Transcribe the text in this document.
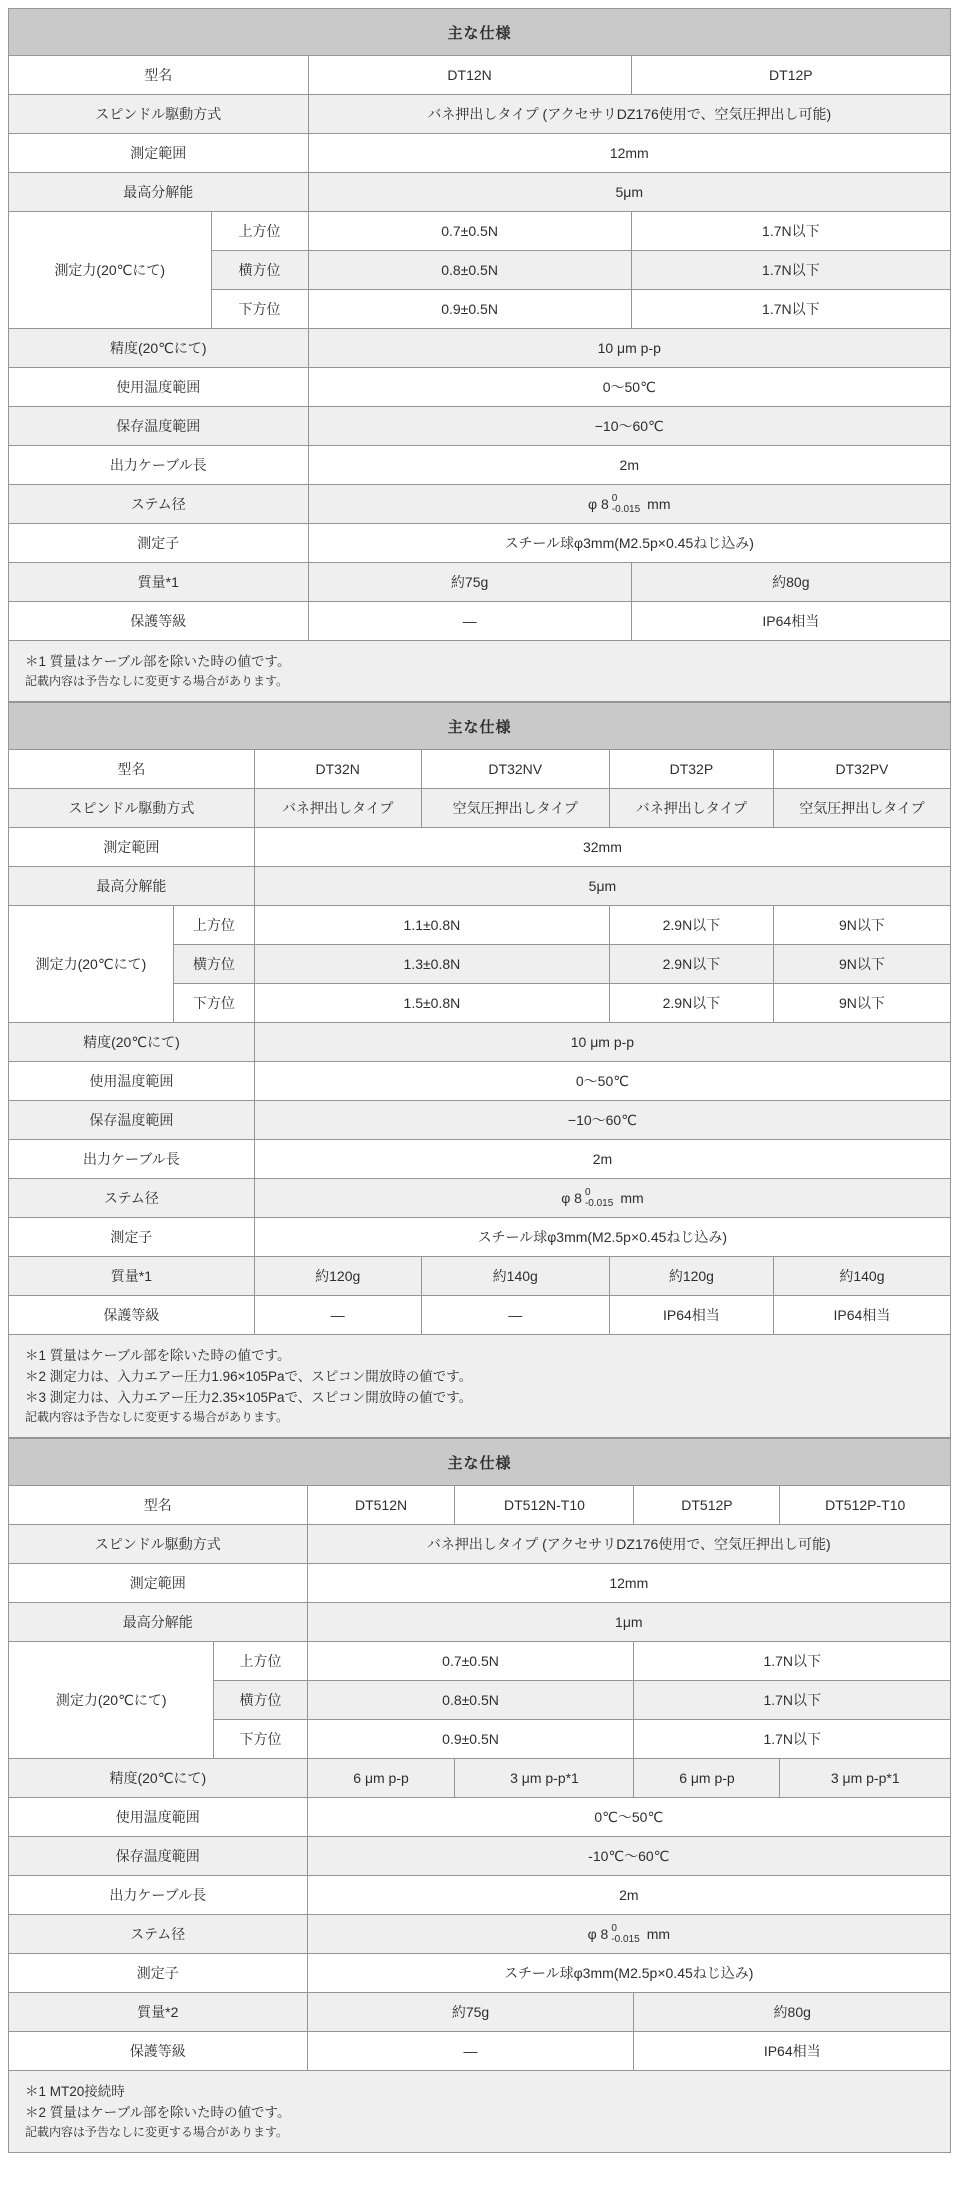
主な仕様			
型名		DT12N	DT12P
スピンドル駆動方式		バネ押出しタイプ (アクセサリDZ176使用で、空気圧押出し可能)	
測定範囲		12mm	
最高分解能		5μm	
測定力(20℃にて)	上方位	0.7±0.5N	1.7N以下
	横方位	0.8±0.5N	1.7N以下
	下方位	0.9±0.5N	1.7N以下
精度(20℃にて)		10 μm p-p	
使用温度範囲		0〜50℃	
保存温度範囲		−10〜60℃	
出力ケーブル長		2m	
ステム径		φ 8 0
-0.015 mm	

測定子		スチール球φ3mm(M2.5p×0.45ねじ込み)	
質量*1		約75g	約80g
保護等級		―	IP64相当

＊1 質量はケーブル部を除いた時の値です。
記載内容は予告なしに変更する場合があります。			
主な仕様					
型名		DT32N	DT32NV	DT32P	DT32PV
スピンドル駆動方式		バネ押出しタイプ	空気圧押出しタイプ	バネ押出しタイプ	空気圧押出しタイプ
測定範囲		32mm			
最高分解能		5μm			
測定力(20℃にて)	上方位	1.1±0.8N		2.9N以下	9N以下
	横方位	1.3±0.8N		2.9N以下	9N以下
	下方位	1.5±0.8N		2.9N以下	9N以下
精度(20℃にて)		10 μm p-p			
使用温度範囲		0〜50℃			
保存温度範囲		−10〜60℃			
出力ケーブル長		2m			
ステム径		φ 8 0
-0.015 mm			

測定子		スチール球φ3mm(M2.5p×0.45ねじ込み)			
質量*1		約120g	約140g	約120g	約140g
保護等級		―	―	IP64相当	IP64相当

＊1 質量はケーブル部を除いた時の値です。
＊2 測定力は、入力エアー圧力1.96×105Paで、スピコン開放時の値です。
＊3 測定力は、入力エアー圧力2.35×105Paで、スピコン開放時の値です。
記載内容は予告なしに変更する場合があります。					
主な仕様					
型名		DT512N	DT512N-T10	DT512P	DT512P-T10
スピンドル駆動方式		バネ押出しタイプ (アクセサリDZ176使用で、空気圧押出し可能)			
測定範囲		12mm			
最高分解能		1μm			
測定力(20℃にて)	上方位	0.7±0.5N		1.7N以下	
	横方位	0.8±0.5N		1.7N以下	
	下方位	0.9±0.5N		1.7N以下	
精度(20℃にて)		6 μm p-p	3 μm p-p*1	6 μm p-p	3 μm p-p*1
使用温度範囲		0℃〜50℃			
保存温度範囲		-10℃〜60℃			
出力ケーブル長		2m			
ステム径		φ 8 0
-0.015 mm			

測定子		スチール球φ3mm(M2.5p×0.45ねじ込み)			
質量*2		約75g		約80g	
保護等級		―		IP64相当	

＊1 MT20接続時
＊2 質量はケーブル部を除いた時の値です。
記載内容は予告なしに変更する場合があります。					
